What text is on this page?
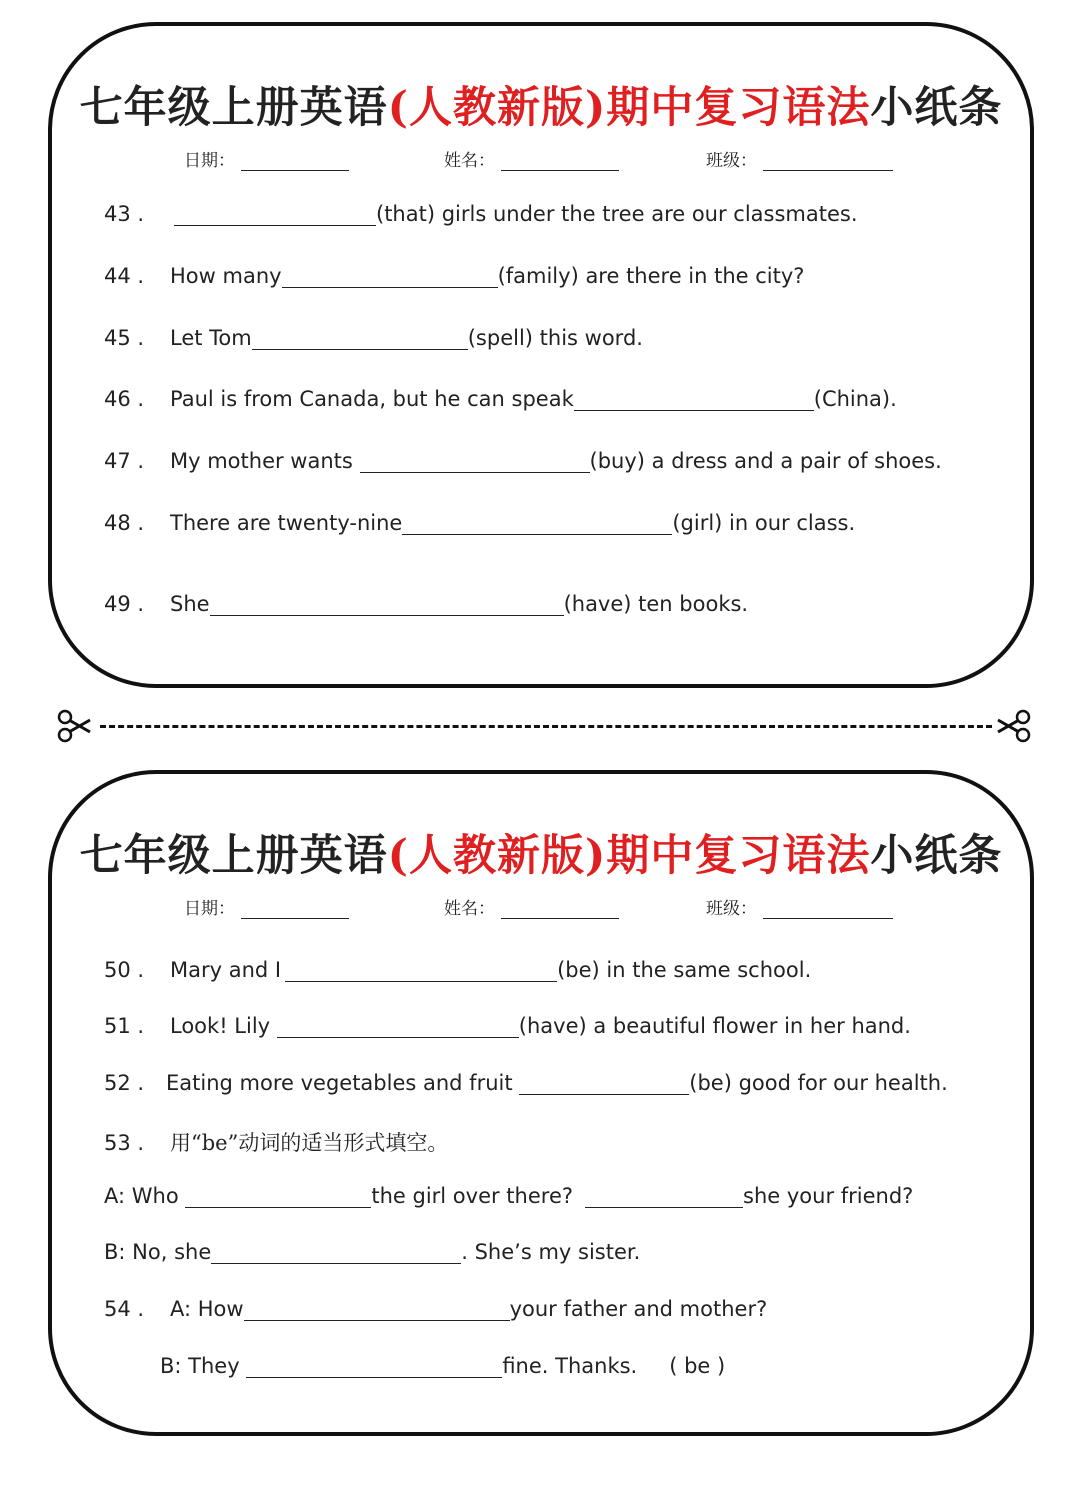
七年级上册英语(人教新版)期中复习语法小纸条
日期：	姓名：	班级：
43 .	(that) girls under the tree are our classmates.
44 . How many	(family) are there in the city?
45 . Let Tom	(spell) this word.
46 . Paul is from Canada, but he can speak	(China).
47 . My mother wants	(buy) a dress and a pair of shoes.
48 . There are twenty-nine	(girl) in our class.
49 . She	(have) ten books.
七年级上册英语(人教新版)期中复习语法小纸条
日期：	姓名：	班级：
50 . Mary and I	(be) in the same school.
51 . Look! Lily	(have) a beautiful flower in her hand.
52 . Eating more vegetables and fruit	(be) good for our health.
53 . 用“be”动词的适当形式填空。
A: Who	the girl over there?	she your friend?
B: No, she	. She’s my sister.
54 . A: How	your father and mother?
B: They	fine. Thanks. ( be )
